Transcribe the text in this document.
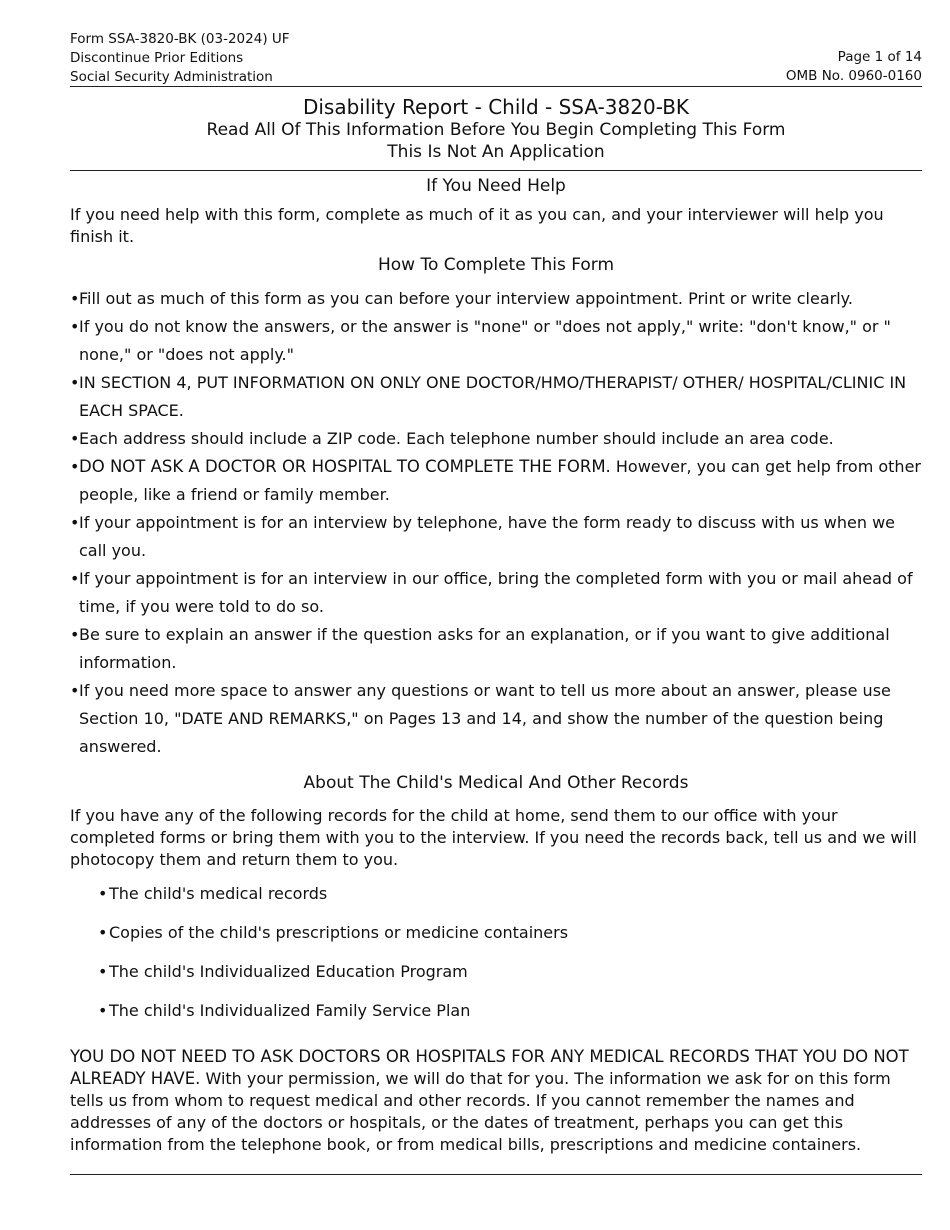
Form SSA-3820-BK (03-2024) UF
Discontinue Prior Editions
Social Security Administration
Page 1 of 14
OMB No. 0960-0160
Disability Report - Child - SSA-3820-BK
Read All Of This Information Before You Begin Completing This Form
This Is Not An Application
If You Need Help
If you need help with this form, complete as much of it as you can, and your interviewer will help you finish it.
How To Complete This Form
• Fill out as much of this form as you can before your interview appointment. Print or write clearly.
• If you do not know the answers, or the answer is "none" or "does not apply," write: "don't know," or " none," or "does not apply."
• IN SECTION 4, PUT INFORMATION ON ONLY ONE DOCTOR/HMO/THERAPIST/ OTHER/ HOSPITAL/CLINIC IN EACH SPACE.
• Each address should include a ZIP code. Each telephone number should include an area code.
• DO NOT ASK A DOCTOR OR HOSPITAL TO COMPLETE THE FORM. However, you can get help from other people, like a friend or family member.
• If your appointment is for an interview by telephone, have the form ready to discuss with us when we call you.
• If your appointment is for an interview in our office, bring the completed form with you or mail ahead of time, if you were told to do so.
• Be sure to explain an answer if the question asks for an explanation, or if you want to give additional information.
• If you need more space to answer any questions or want to tell us more about an answer, please use Section 10, "DATE AND REMARKS," on Pages 13 and 14, and show the number of the question being answered.
About The Child's Medical And Other Records
If you have any of the following records for the child at home, send them to our office with your completed forms or bring them with you to the interview. If you need the records back, tell us and we will photocopy them and return them to you.
• The child's medical records
• Copies of the child's prescriptions or medicine containers
• The child's Individualized Education Program
• The child's Individualized Family Service Plan
YOU DO NOT NEED TO ASK DOCTORS OR HOSPITALS FOR ANY MEDICAL RECORDS THAT YOU DO NOT ALREADY HAVE. With your permission, we will do that for you. The information we ask for on this form tells us from whom to request medical and other records. If you cannot remember the names and addresses of any of the doctors or hospitals, or the dates of treatment, perhaps you can get this information from the telephone book, or from medical bills, prescriptions and medicine containers.
